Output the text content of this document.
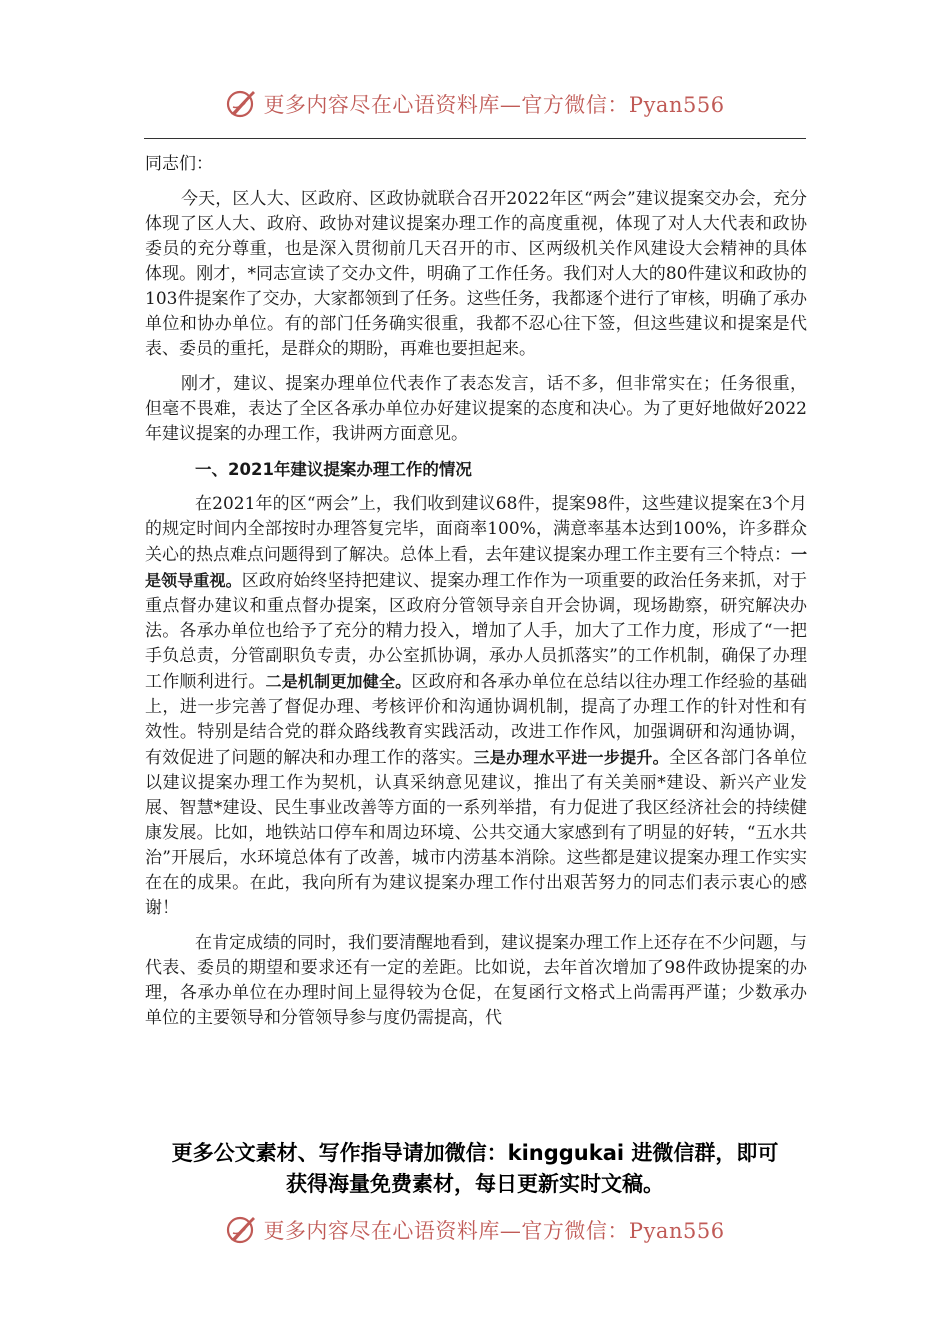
更多内容尽在心语资料库—官方微信：Pyan556

同志们：

今天，区人大、区政府、区政协就联合召开2022年区“两会”建议提案交办会，充分体现了区人大、政府、政协对建议提案办理工作的高度重视，体现了对人大代表和政协委员的充分尊重，也是深入贯彻前几天召开的市、区两级机关作风建设大会精神的具体体现。刚才，*同志宣读了交办文件，明确了工作任务。我们对人大的80件建议和政协的103件提案作了交办，大家都领到了任务。这些任务，我都逐个进行了审核，明确了承办单位和协办单位。有的部门任务确实很重，我都不忍心往下签，但这些建议和提案是代表、委员的重托，是群众的期盼，再难也要担起来。

刚才，建议、提案办理单位代表作了表态发言，话不多，但非常实在；任务很重，但毫不畏难，表达了全区各承办单位办好建议提案的态度和决心。为了更好地做好2022年建议提案的办理工作，我讲两方面意见。

一、2021年建议提案办理工作的情况

在2021年的区“两会”上，我们收到建议68件，提案98件，这些建议提案在3个月的规定时间内全部按时办理答复完毕，面商率100%，满意率基本达到100%，许多群众关心的热点难点问题得到了解决。总体上看，去年建议提案办理工作主要有三个特点：一是领导重视。区政府始终坚持把建议、提案办理工作作为一项重要的政治任务来抓，对于重点督办建议和重点督办提案，区政府分管领导亲自开会协调，现场勘察，研究解决办法。各承办单位也给予了充分的精力投入，增加了人手，加大了工作力度，形成了“一把手负总责，分管副职负专责，办公室抓协调，承办人员抓落实”的工作机制，确保了办理工作顺利进行。二是机制更加健全。区政府和各承办单位在总结以往办理工作经验的基础上，进一步完善了督促办理、考核评价和沟通协调机制，提高了办理工作的针对性和有效性。特别是结合党的群众路线教育实践活动，改进工作作风，加强调研和沟通协调，有效促进了问题的解决和办理工作的落实。三是办理水平进一步提升。全区各部门各单位以建议提案办理工作为契机，认真采纳意见建议，推出了有关美丽*建设、新兴产业发展、智慧*建设、民生事业改善等方面的一系列举措，有力促进了我区经济社会的持续健康发展。比如，地铁站口停车和周边环境、公共交通大家感到有了明显的好转，“五水共治”开展后，水环境总体有了改善，城市内涝基本消除。这些都是建议提案办理工作实实在在的成果。在此，我向所有为建议提案办理工作付出艰苦努力的同志们表示衷心的感谢！

在肯定成绩的同时，我们要清醒地看到，建议提案办理工作上还存在不少问题，与代表、委员的期望和要求还有一定的差距。比如说，去年首次增加了98件政协提案的办理，各承办单位在办理时间上显得较为仓促，在复函行文格式上尚需再严谨；少数承办单位的主要领导和分管领导参与度仍需提高，代

更多公文素材、写作指导请加微信：kinggukai 进微信群，即可
获得海量免费素材，每日更新实时文稿。
更多内容尽在心语资料库—官方微信：Pyan556
